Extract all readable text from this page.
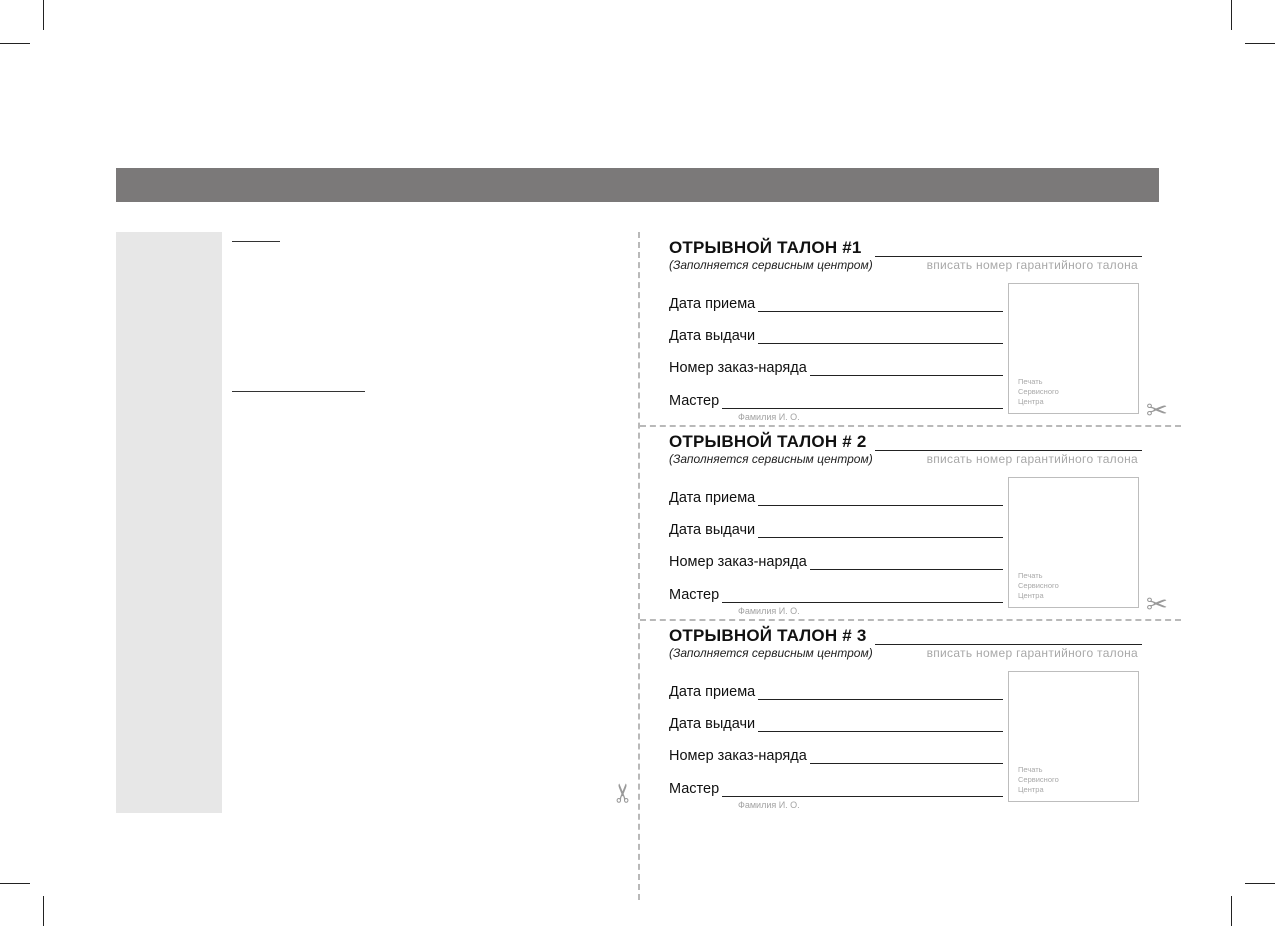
✂
✂
✂
ОТРЫВНОЙ ТАЛОН #1
(Заполняется сервисным центром)	вписать номер гарантийного талона
Дата приема
Дата выдачи
Номер заказ-наряда
Мастер
Фамилия И. О.
Печать
Сервисного
Центра
ОТРЫВНОЙ ТАЛОН # 2
(Заполняется сервисным центром)	вписать номер гарантийного талона
Дата приема
Дата выдачи
Номер заказ-наряда
Мастер
Фамилия И. О.
Печать
Сервисного
Центра
ОТРЫВНОЙ ТАЛОН # 3
(Заполняется сервисным центром)	вписать номер гарантийного талона
Дата приема
Дата выдачи
Номер заказ-наряда
Мастер
Фамилия И. О.
Печать
Сервисного
Центра
